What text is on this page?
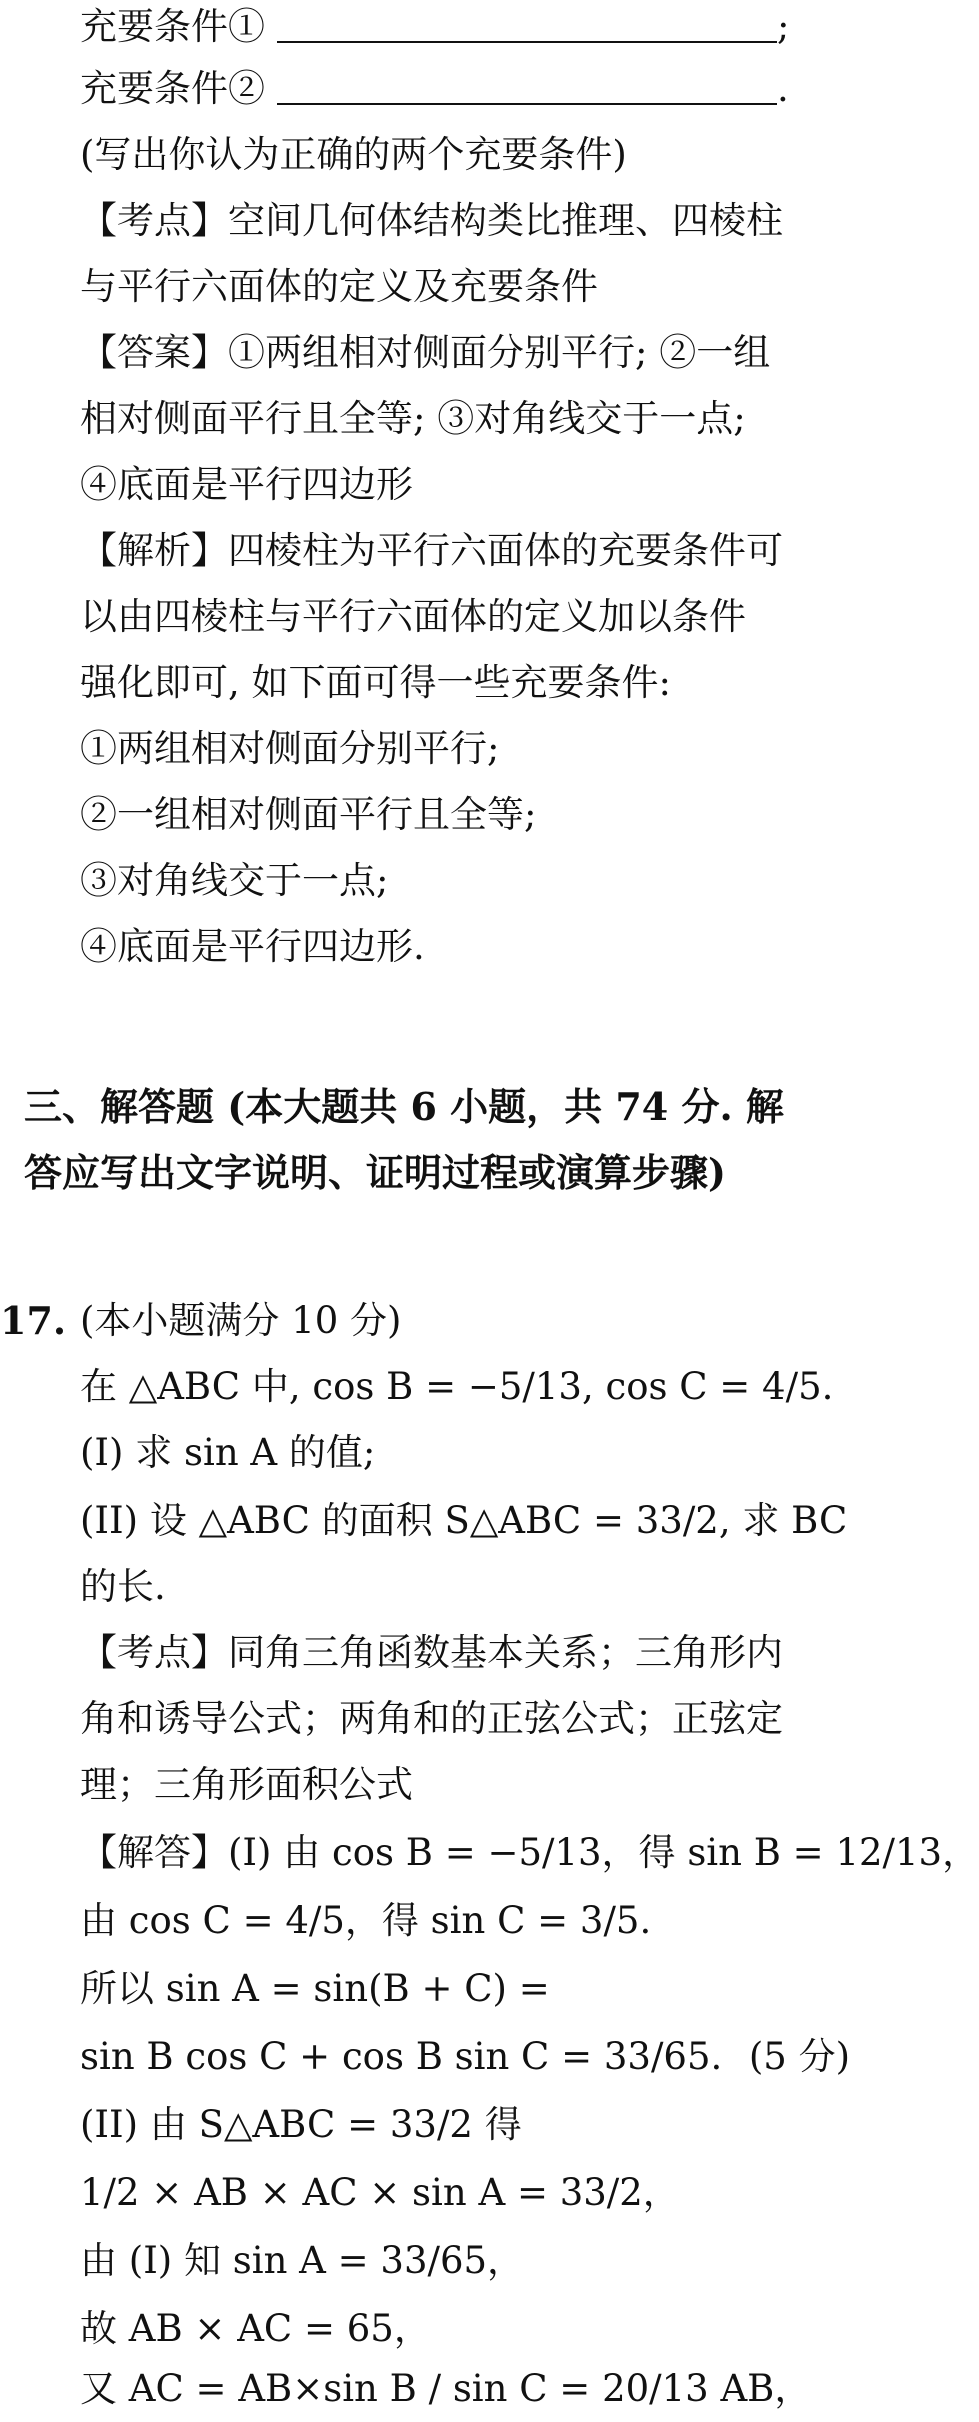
充要条件①	;
充要条件②	.
(写出你认为正确的两个充要条件)
【考点】空间几何体结构类比推理、四棱柱
与平行六面体的定义及充要条件
【答案】①两组相对侧面分别平行; ②一组
相对侧面平行且全等; ③对角线交于一点;
④底面是平行四边形
【解析】四棱柱为平行六面体的充要条件可
以由四棱柱与平行六面体的定义加以条件
强化即可, 如下面可得一些充要条件:
①两组相对侧面分别平行;
②一组相对侧面平行且全等;
③对角线交于一点;
④底面是平行四边形.
三、解答题 (本大题共 6 小题，共 74 分. 解
答应写出文字说明、证明过程或演算步骤)
17. (本小题满分 10 分)
在 △ABC 中, cos B = −5/13, cos C = 4/5.
(I) 求 sin A 的值;
(II) 设 △ABC 的面积 S△ABC = 33/2, 求 BC
的长.
【考点】同角三角函数基本关系；三角形内
角和诱导公式；两角和的正弦公式；正弦定
理；三角形面积公式
【解答】(I) 由 cos B = −5/13，得 sin B = 12/13，
由 cos C = 4/5，得 sin C = 3/5.
所以 sin A = sin(B + C) =
sin B cos C + cos B sin C = 33/65. (5 分)
(II) 由 S△ABC = 33/2 得
1/2 × AB × AC × sin A = 33/2，
由 (I) 知 sin A = 33/65，
故 AB × AC = 65，
又 AC = AB×sin B / sin C = 20/13 AB，
